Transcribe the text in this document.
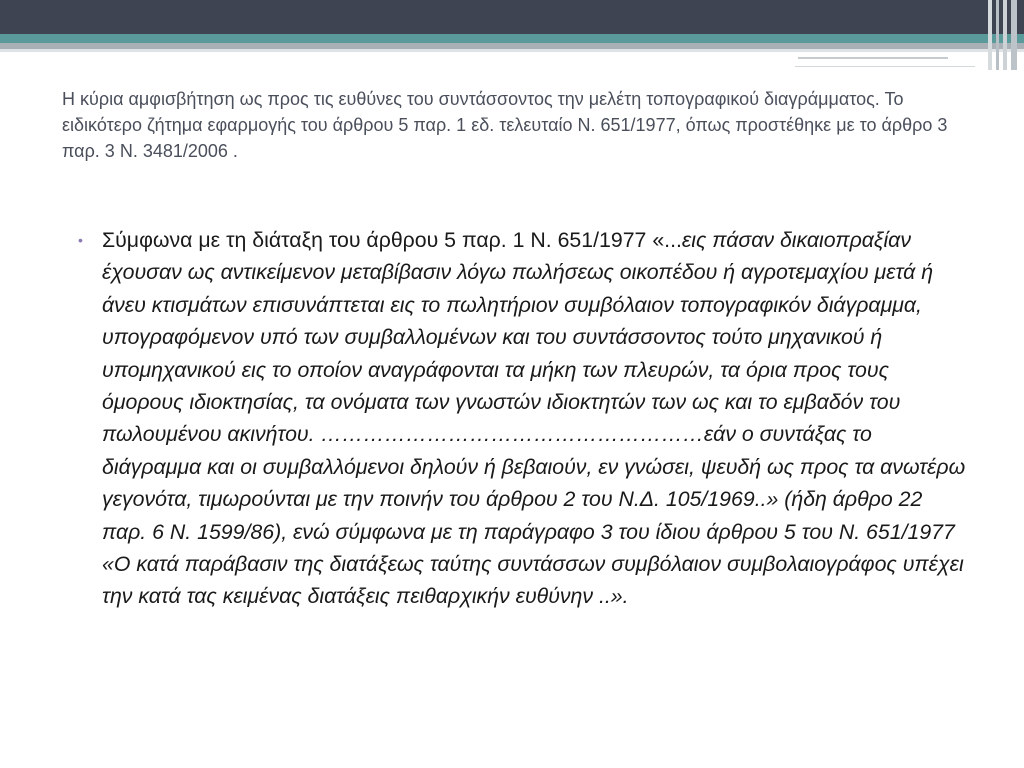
Η κύρια αμφισβήτηση ως προς τις ευθύνες του συντάσσοντος την μελέτη τοπογραφικού διαγράμματος. Το ειδικότερο ζήτημα εφαρμογής του άρθρου 5 παρ. 1 εδ. τελευταίο Ν. 651/1977, όπως προστέθηκε με το άρθρο 3 παρ. 3 Ν. 3481/2006 .
• Σύμφωνα με τη διάταξη του άρθρου 5 παρ. 1 Ν. 651/1977 «...εις πάσαν δικαιοπραξίαν έχουσαν ως αντικείμενον μεταβίβασιν λόγω πωλήσεως οικοπέδου ή αγροτεμαχίου μετά ή άνευ κτισμάτων επισυνάπτεται εις το πωλητήριον συμβόλαιον τοπογραφικόν διάγραμμα, υπογραφόμενον υπό των συμβαλλομένων και του συντάσσοντος τούτο μηχανικού ή υπομηχανικού εις το οποίον αναγράφονται τα μήκη των πλευρών, τα όρια προς τους όμορους ιδιοκτησίας, τα ονόματα των γνωστών ιδιοκτητών των ως και το εμβαδόν του πωλουμένου ακινήτου. ………………………………………………εάν ο συντάξας το διάγραμμα και οι συμβαλλόμενοι δηλούν ή βεβαιούν, εν γνώσει, ψευδή ως προς τα ανωτέρω γεγονότα, τιμωρούνται με την ποινήν του άρθρου 2 του Ν.Δ. 105/1969..» (ήδη άρθρο 22 παρ. 6 Ν. 1599/86), ενώ σύμφωνα με τη παράγραφο 3 του ίδιου άρθρου 5 του Ν. 651/1977 «Ο κατά παράβασιν της διατάξεως ταύτης συντάσσων συμβόλαιον συμβολαιογράφος υπέχει την κατά τας κειμένας διατάξεις πειθαρχικήν ευθύνην ..».
